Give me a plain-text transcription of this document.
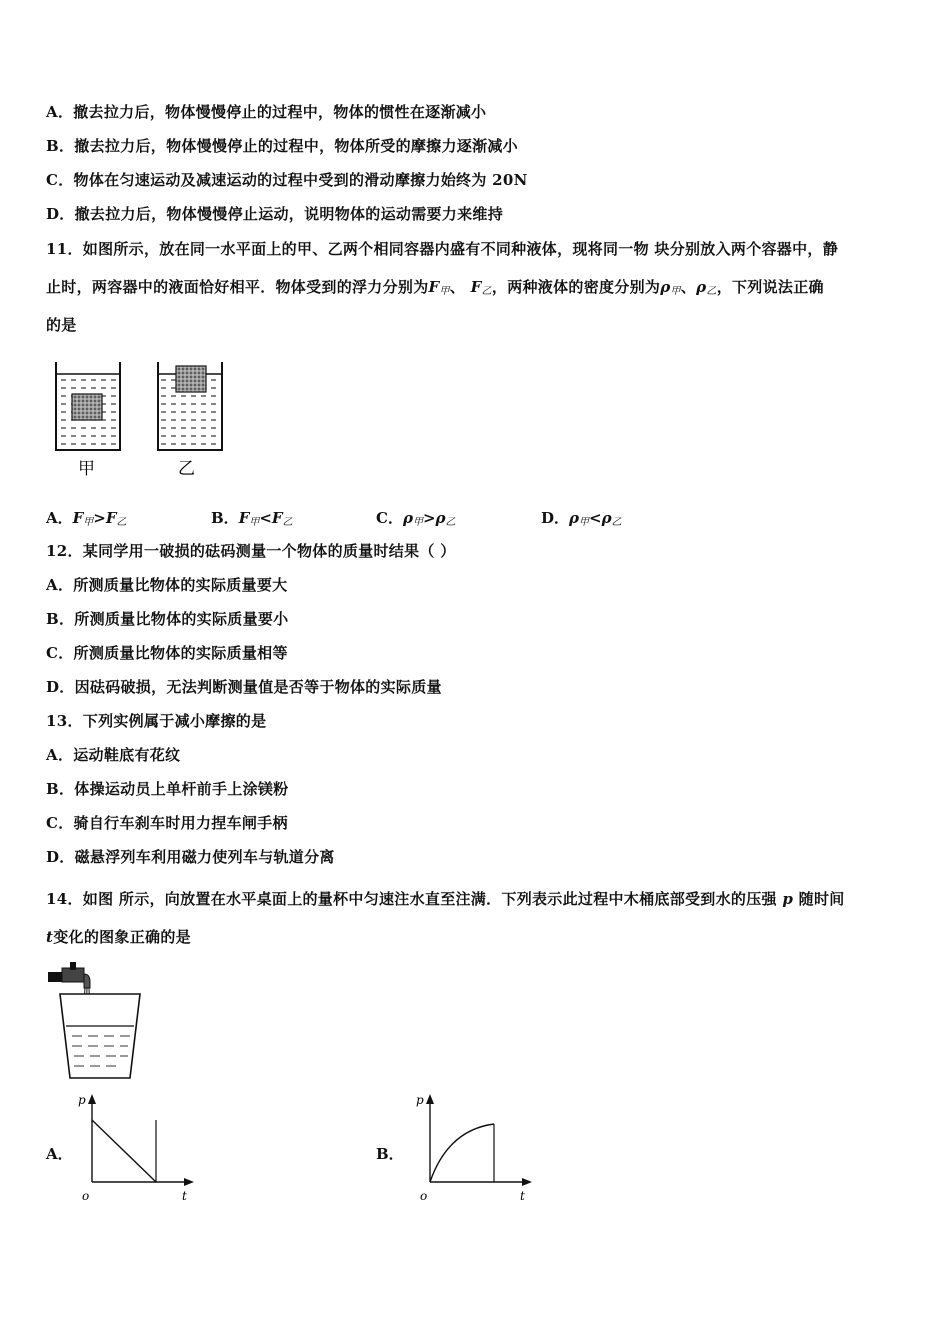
A．撤去拉力后，物体慢慢停止的过程中，物体的惯性在逐渐减小
B．撤去拉力后，物体慢慢停止的过程中，物体所受的摩擦力逐渐减小
C．物体在匀速运动及减速运动的过程中受到的滑动摩擦力始终为 20N
D．撤去拉力后，物体慢慢停止运动，说明物体的运动需要力来维持
11．如图所示，放在同一水平面上的甲、乙两个相同容器内盛有不同种液体，现将同一物 块分别放入两个容器中，静
止时，两容器中的液面恰好相平．物体受到的浮力分别为$F_甲$、 $F_乙$，两种液体的密度分别为$\rho_甲$、$\rho_乙$，下列说法正确
的是
甲	乙
A．$F_甲>F_乙$	B．$F_甲<F_乙$	C．$\rho_甲>\rho_乙$	D．$\rho_甲<\rho_乙$
12．某同学用一破损的砝码测量一个物体的质量时结果（ ）
A．所测质量比物体的实际质量要大
B．所测质量比物体的实际质量要小
C．所测质量比物体的实际质量相等
D．因砝码破损，无法判断测量值是否等于物体的实际质量
13．下列实例属于减小摩擦的是
A．运动鞋底有花纹
B．体操运动员上单杆前手上涂镁粉
C．骑自行车刹车时用力捏车闸手柄
D．磁悬浮列车利用磁力使列车与轨道分离
14．如图 所示，向放置在水平桌面上的量杯中匀速注水直至注满．下列表示此过程中木桶底部受到水的压强 p 随时间
t变化的图象正确的是
A．
p
t
o
B．
p
t
o
